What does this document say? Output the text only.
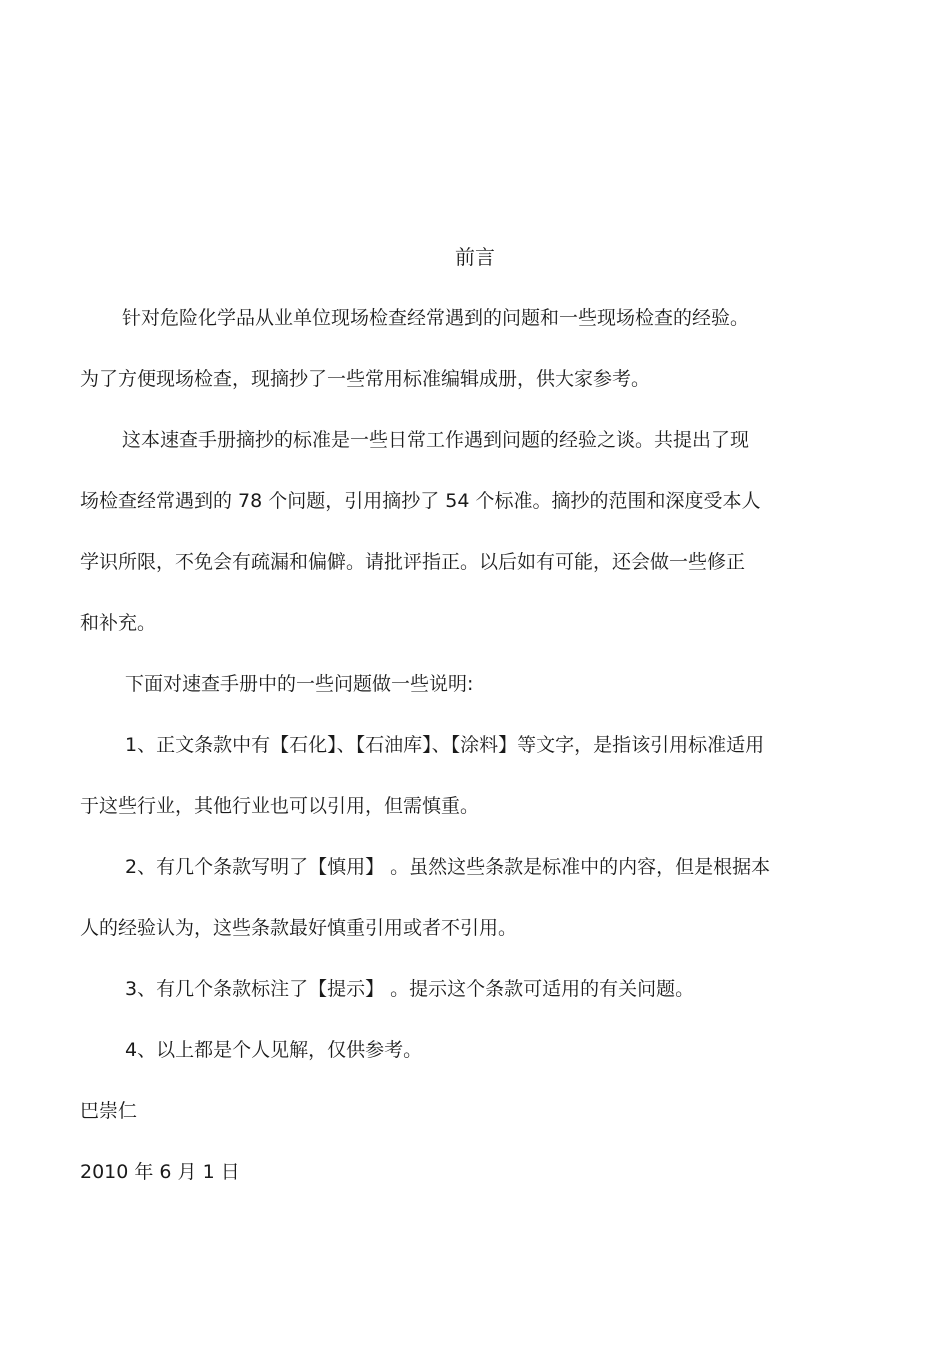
前言
针对危险化学品从业单位现场检查经常遇到的问题和一些现场检查的经验。
为了方便现场检查，现摘抄了一些常用标准编辑成册，供大家参考。
这本速查手册摘抄的标准是一些日常工作遇到问题的经验之谈。共提出了现
场检查经常遇到的 78 个问题，引用摘抄了 54 个标准。摘抄的范围和深度受本人
学识所限，不免会有疏漏和偏僻。请批评指正。以后如有可能，还会做一些修正
和补充。
下面对速查手册中的一些问题做一些说明:
1、正文条款中有【石化】、【石油库】、【涂料】等文字，是指该引用标准适用
于这些行业，其他行业也可以引用，但需慎重。
2、有几个条款写明了【慎用】 。虽然这些条款是标准中的内容，但是根据本
人的经验认为，这些条款最好慎重引用或者不引用。
3、有几个条款标注了【提示】 。提示这个条款可适用的有关问题。
4、以上都是个人见解，仅供参考。
巴崇仁
2010 年 6 月 1 日
